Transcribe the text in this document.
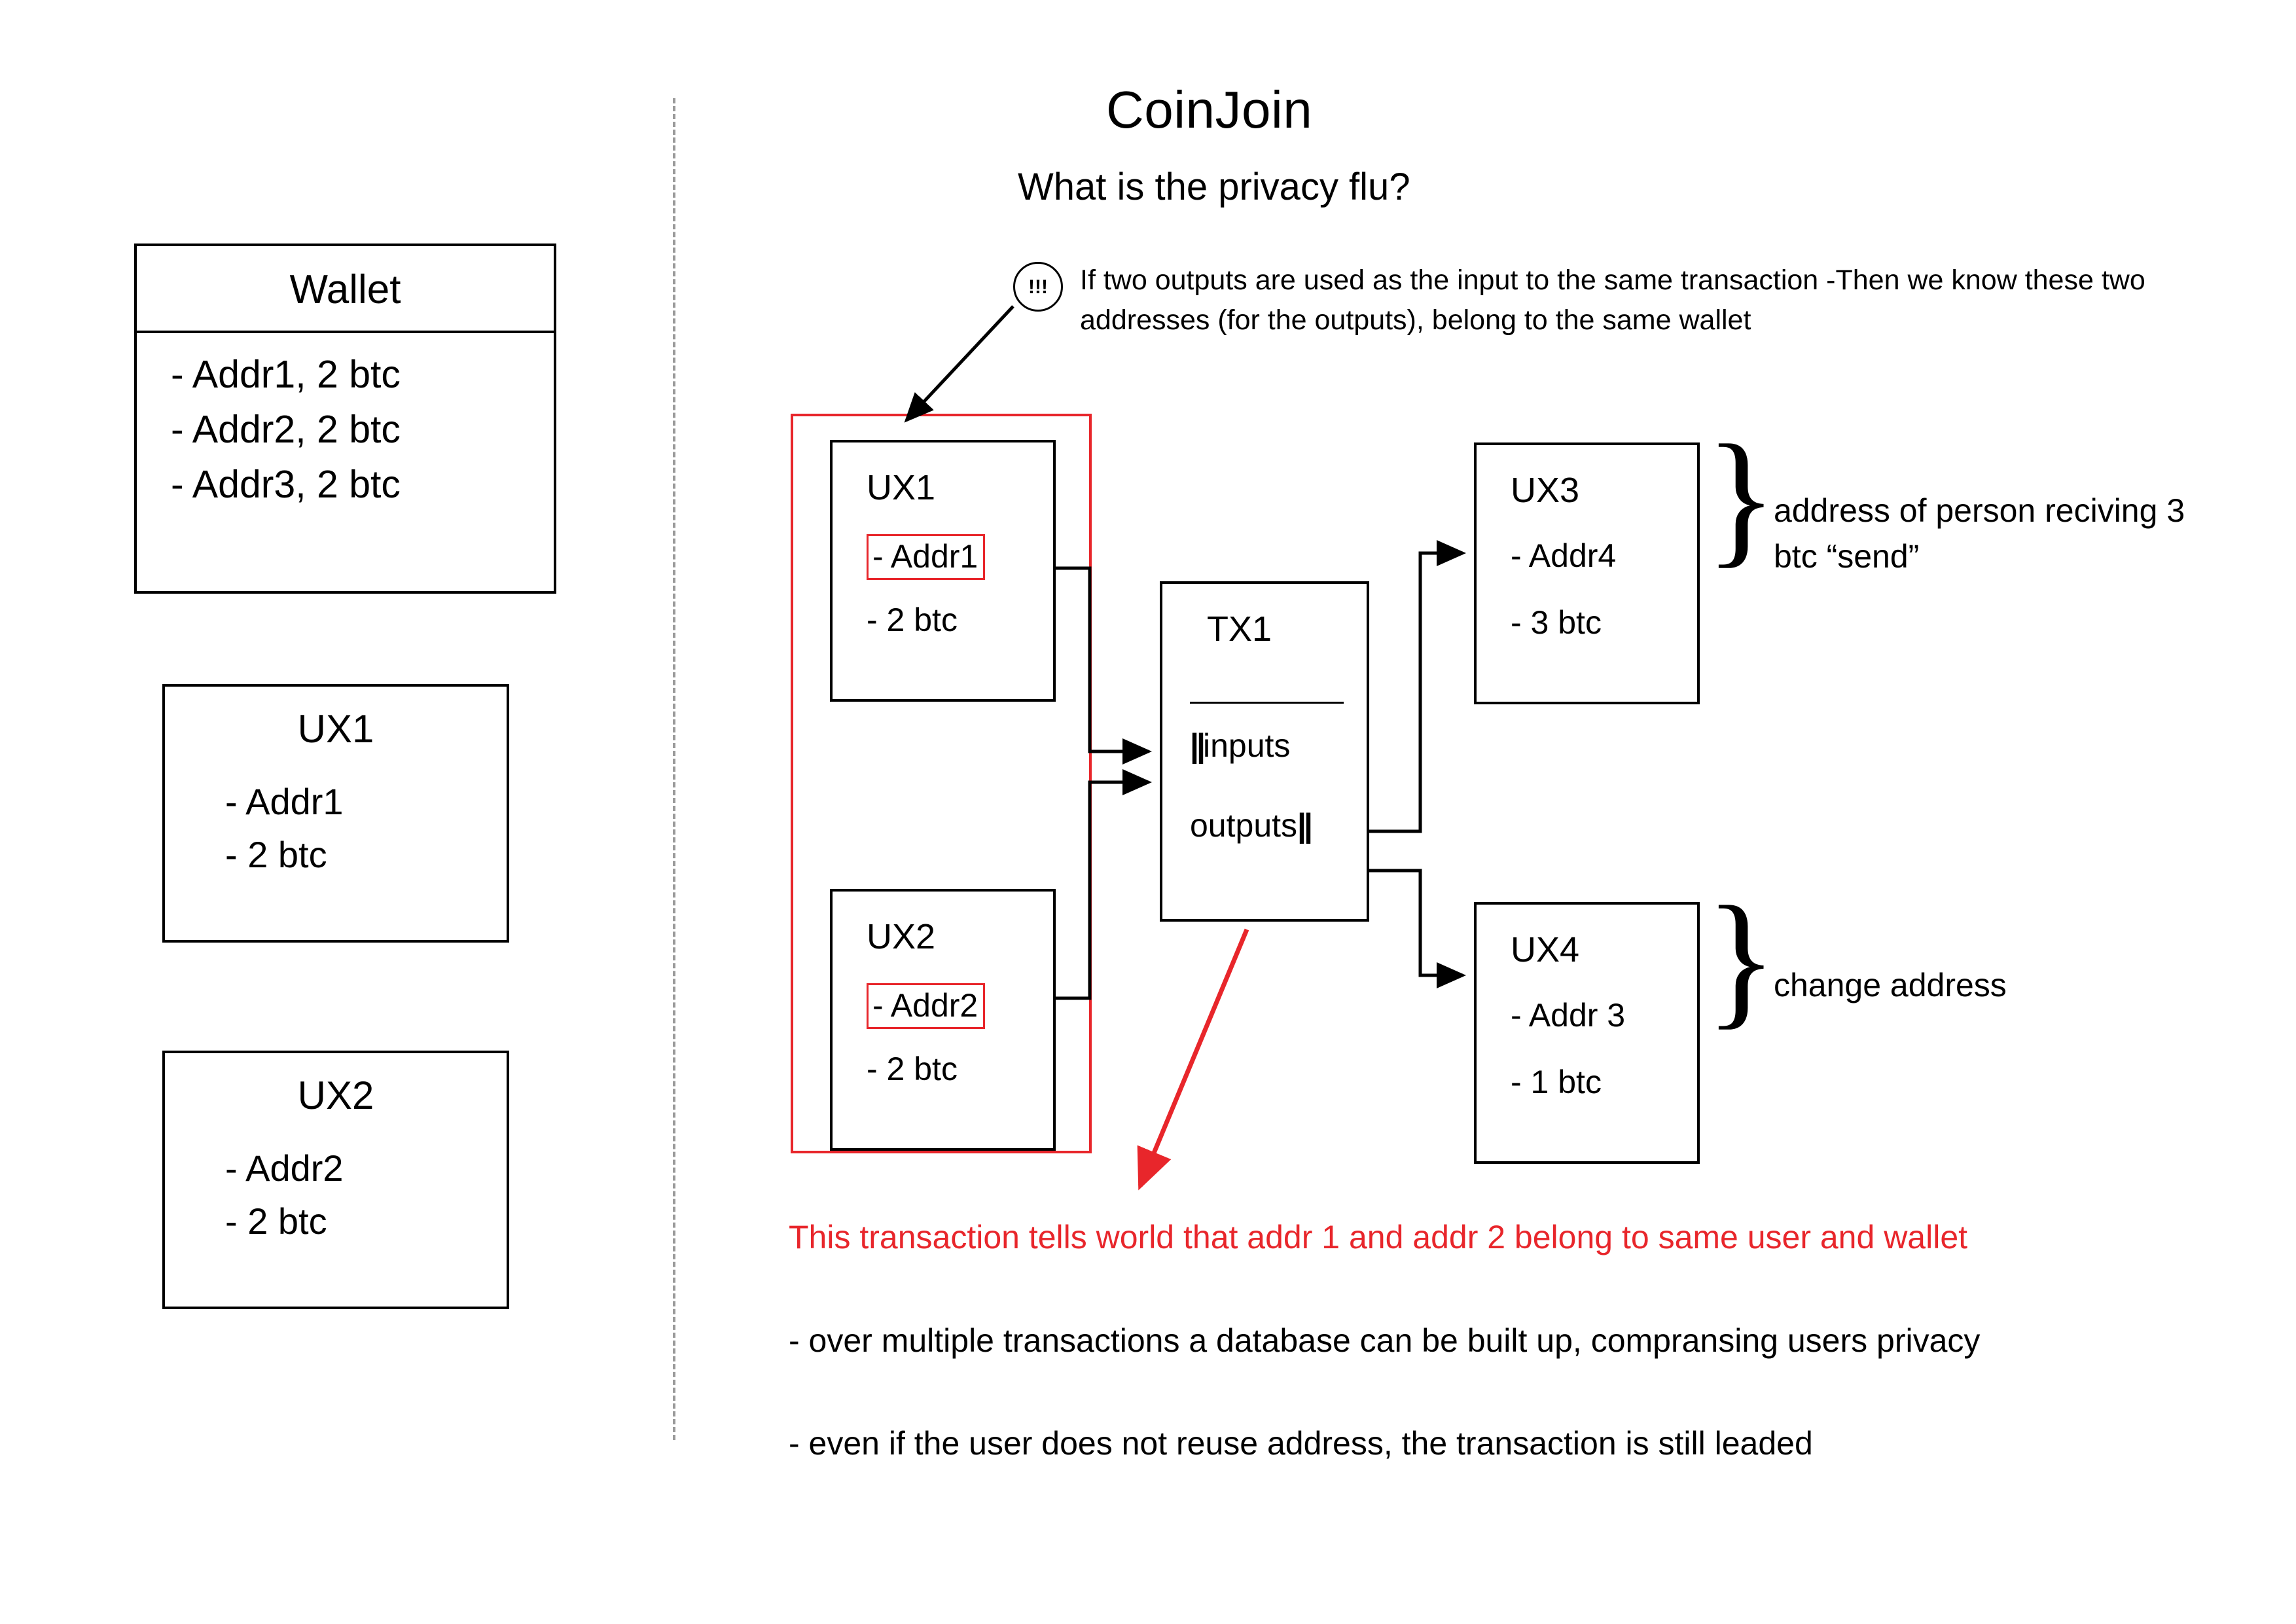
Wallet
- Addr1, 2 btc
- Addr2, 2 btc
- Addr3, 2 btc
UX1
- Addr1
- 2 btc
UX2
- Addr2
- 2 btc
CoinJoin
What is the privacy flu?
!!!	If two outputs are used as the input to the same transaction -Then we know these two addresses (for the outputs), belong to the same wallet
UX1
- Addr1
- 2 btc
UX2
- Addr2
- 2 btc
TX1
||inputs
outputs||
UX3
- Addr4
- 3 btc
UX4
- Addr 3
- 1 btc
}
address of person reciving 3 btc “send”
}
change address
This transaction tells world that addr 1 and addr 2 belong to same user and wallet
- over multiple transactions a database can be built up, compransing users privacy
- even if the user does not reuse address, the transaction is still leaded
